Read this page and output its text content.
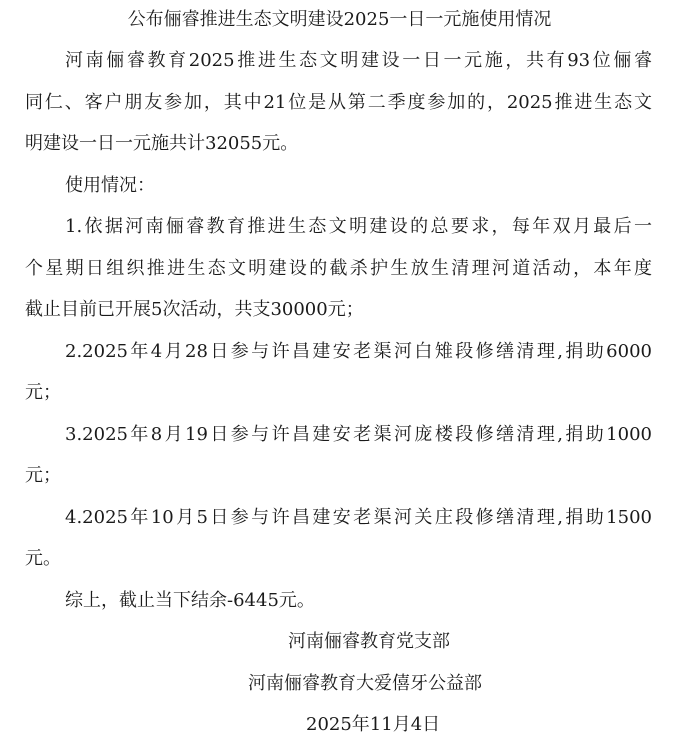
公布俪睿推进生态文明建设2025一日一元施使用情况
河南俪睿教育2025推进生态文明建设一日一元施，共有93位俪睿
同仁、客户朋友参加，其中21位是从第二季度参加的，2025推进生态文
明建设一日一元施共计32055元。
使用情况：
1.依据河南俪睿教育推进生态文明建设的总要求，每年双月最后一
个星期日组织推进生态文明建设的截杀护生放生清理河道活动，本年度
截止目前已开展5次活动，共支30000元；
2.2025年4月28日参与许昌建安老渠河白雉段修缮清理,捐助6000
元；
3.2025年8月19日参与许昌建安老渠河庞楼段修缮清理,捐助1000
元；
4.2025年10月5日参与许昌建安老渠河关庄段修缮清理,捐助1500
元。
综上，截止当下结余-6445元。
河南俪睿教育党支部
河南俪睿教育大爱僖牙公益部
2025年11月4日
